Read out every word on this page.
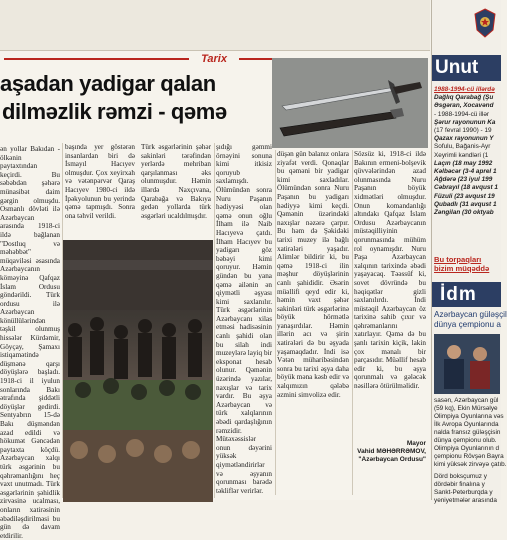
Tarix
aşadan yadigar qalan
dilməzlik rəmzi - qəmə

ən yollar Bakıdan - ölkənin paytaxtından keçirdi. Bu səbəbdən şəhərə münasibət daim gərgin olmuşdu. Osmanlı dövləti ilə Azərbaycan arasında 1918-ci ildə bağlanan "Dostluq və məhəbbət" müqaviləsi əsasında Azərbaycanın köməyinə Qafqaz İslam Ordusu göndərildi. Türk ordusu ilə Azərbaycan könüllülərindən təşkil olunmuş hissələr Kürdəmir, Göyçay, Şamaxı istiqamətində düşmənə qarşı döyüşlərə başladı. 1918-ci il iyulun sonlarında Bakı ətrafında şiddətli döyüşlər gedirdi. Sentyabrın 15-də Bakı düşməndən azad edildi və hökumət Gəncədən paytaxta köçdü. Azərbaycan xalqı türk əsgərinin bu qəhrəmanlığını heç vaxt unutmadı. Türk əsgərlərinin şəhidlik zirvəsinə ucalması, onların xatirəsinin əbədiləşdirilməsi bu gün də davam etdirilir.

başında yer göstərən insanlardan biri də İsmayıl Hacıyev olmuşdur. Çox xeyirxah və vətənpərvər Qaraş Hacıyev 1980-ci ildə İpəkyolunun bu yerində qəmə tapmışdı. Sonra ona təhvil verildi.

Türk əsgərlərinin şəhər sakinləri tərəfindən yerlərdə mehriban qarşılanması əks olunmuşdur. Həmin illərdə Naxçıvana, Qarabağa və Bakıya gedən yollarda türk əsgərləri ucaldılmışdır.

şıdığı gəmmi örnəyini sonuna kimi itkisiz qoruyub saxlamışdı. Ölümündən sonra Nuru Paşanın hədiyyəsi olan qəmə onun oğlu İlham ilə Naib Hacıyevə çatdı. İlham Hacıyev bu yadigarı göz bəbəyi kimi qoruyur. Həmin gündən bu yana qəmə ailənin ən qiymətli əşyası kimi saxlanılır. Türk əsgərlərinin Azərbaycanı xilas etməsi hadisəsinin canlı şahidi olan bu silah indi muzeylərə layiq bir eksponat hesab olunur. Qəmənin üzərində yazılar, naxışlar və tarix vardır. Bu əşya Azərbaycan və türk xalqlarının əbədi qardaşlığının rəmzidir. Mütəxəssislər onun dəyərini yüksək qiymətləndirirlər və əşyanın qorunması barədə təkliflər verirlər.

düşən gün balanız onlara ziyafət verdi. Qonaqlar bu qəməni bir yadigar kimi saxladılar. Ölümündən sonra Nuru Paşanın bu yadigarı hədiyyə kimi keçdi. Qəmənin üzərindəki naxışlar nəzərə çarpır. Bu həm də Şəkidəki tarixi muzey ilə bağlı xatirələri yaşadır. Alimlər bildirir ki, bu qəmə 1918-ci ilin məşhur döyüşlərinin canlı şahididir. Əsərin müəllifi qeyd edir ki, həmin vaxt şəhər sakinləri türk əsgərlərinə böyük hörmətlə yanaşırdılar. Həmin illərin acı və şirin xatirələri də bu əşyada yaşamaqdadır. İndi isə Vətən müharibəsindən sonra bu tarixi əşya daha böyük məna kəsb edir və xalqımızın qələbə əzmini simvolizə edir.

Sözsüz ki, 1918-ci ildə Bakının ermeni-bolşevik qüvvələrindən azad olunmasında Nuru Paşanın böyük xidmətləri olmuşdur. Onun komandanlığı altındakı Qafqaz İslam Ordusu Azərbaycanın müstəqilliyinin qorunmasında mühüm rol oynamışdır. Nuru Paşa Azərbaycan xalqının tarixində əbədi yaşayacaq. Təəssüf ki, sovet dövründə bu həqiqətlər gizli saxlanılırdı. İndi müstəqil Azərbaycan öz tarixinə sahib çıxır və qəhrəmanlarını xatırlayır. Qəmə də bu şanlı tarixin kiçik, lakin çox mənalı bir parçasıdır. Müəllif hesab edir ki, bu əşya qorunmalı və gələcək nəsillərə ötürülməlidir.

Mayor
Vahid MƏHƏRRƏMOV,
"Azərbaycan Ordusu"
Unut
1988-1994-cü illərdə
Dağlıq Qarabağ (Şu
Əsgəran, Xocavənd
- 1988-1994-cü illər
Şərur rayonunun Ka
(17 fevral 1990) - 19
Qazax rayonunun Y
Sofulu, Bağanis-Ayr
Xeyrimli kəndləri (1
Laçın (18 may 1992
Kəlbəcər (3-4 aprel 1
Ağdərə (23 iyul 199
Cəbrayıl (18 avqust 1
Füzuli (23 avqust 19
Qubadlı (31 avqust 1
Zəngilan (30 oktyab
Bu torpaqları
bizim müqəddə
İdm
Azərbaycan güləşçil
dünya çempionu a
sasən, Azərbaycan gül
(59 kq), Ekin Mürsəlye
Olimpiya Oyunlarına vəs
İlk Avropa Oyunlarında
nalda fransız güləşçisin
dünya çempionu olub.
Olimpiya Oyunlarının d
çempionu Rövşən Bayra
kimi yüksək zirvəyə çatıb.
Dörd boksçumuz y
dördəbir finalına y
Sankt-Peterburqda y
yeniyetmələr arasında
